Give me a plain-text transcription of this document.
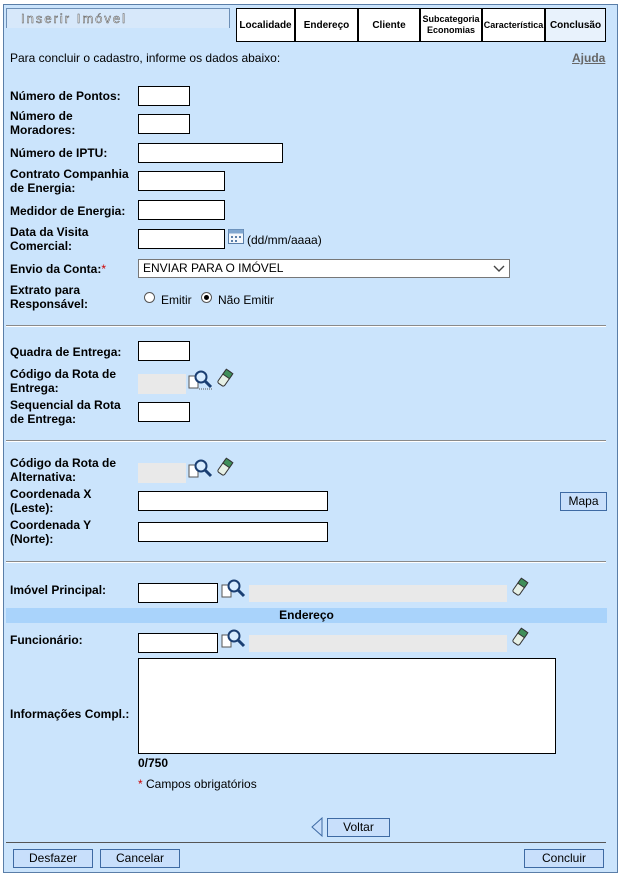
Inserir Imóvel	Localidade	Endereço	Cliente
Subcategoria Economias
Característica Conclusão
Para concluir o cadastro, informe os dados abaixo:	Ajuda
Número de Pontos:
Número de Moradores:
Número de IPTU:
Contrato Companhia de Energia:
Medidor de Energia:
Data da Visita Comercial:	(dd/mm/aaaa)
Envio da Conta:*	ENVIAR PARA O IMÓVEL
Extrato para Responsável:	Emitir Não Emitir
Quadra de Entrega:
Código da Rota de Entrega:
Sequencial da Rota de Entrega:
Código da Rota de Alternativa:
Coordenada X (Leste):	Mapa
Coordenada Y (Norte):
Imóvel Principal:
Endereço
Funcionário:
Informações Compl.:
0/750
* Campos obrigatórios
Voltar
Desfazer	Cancelar	Concluir
